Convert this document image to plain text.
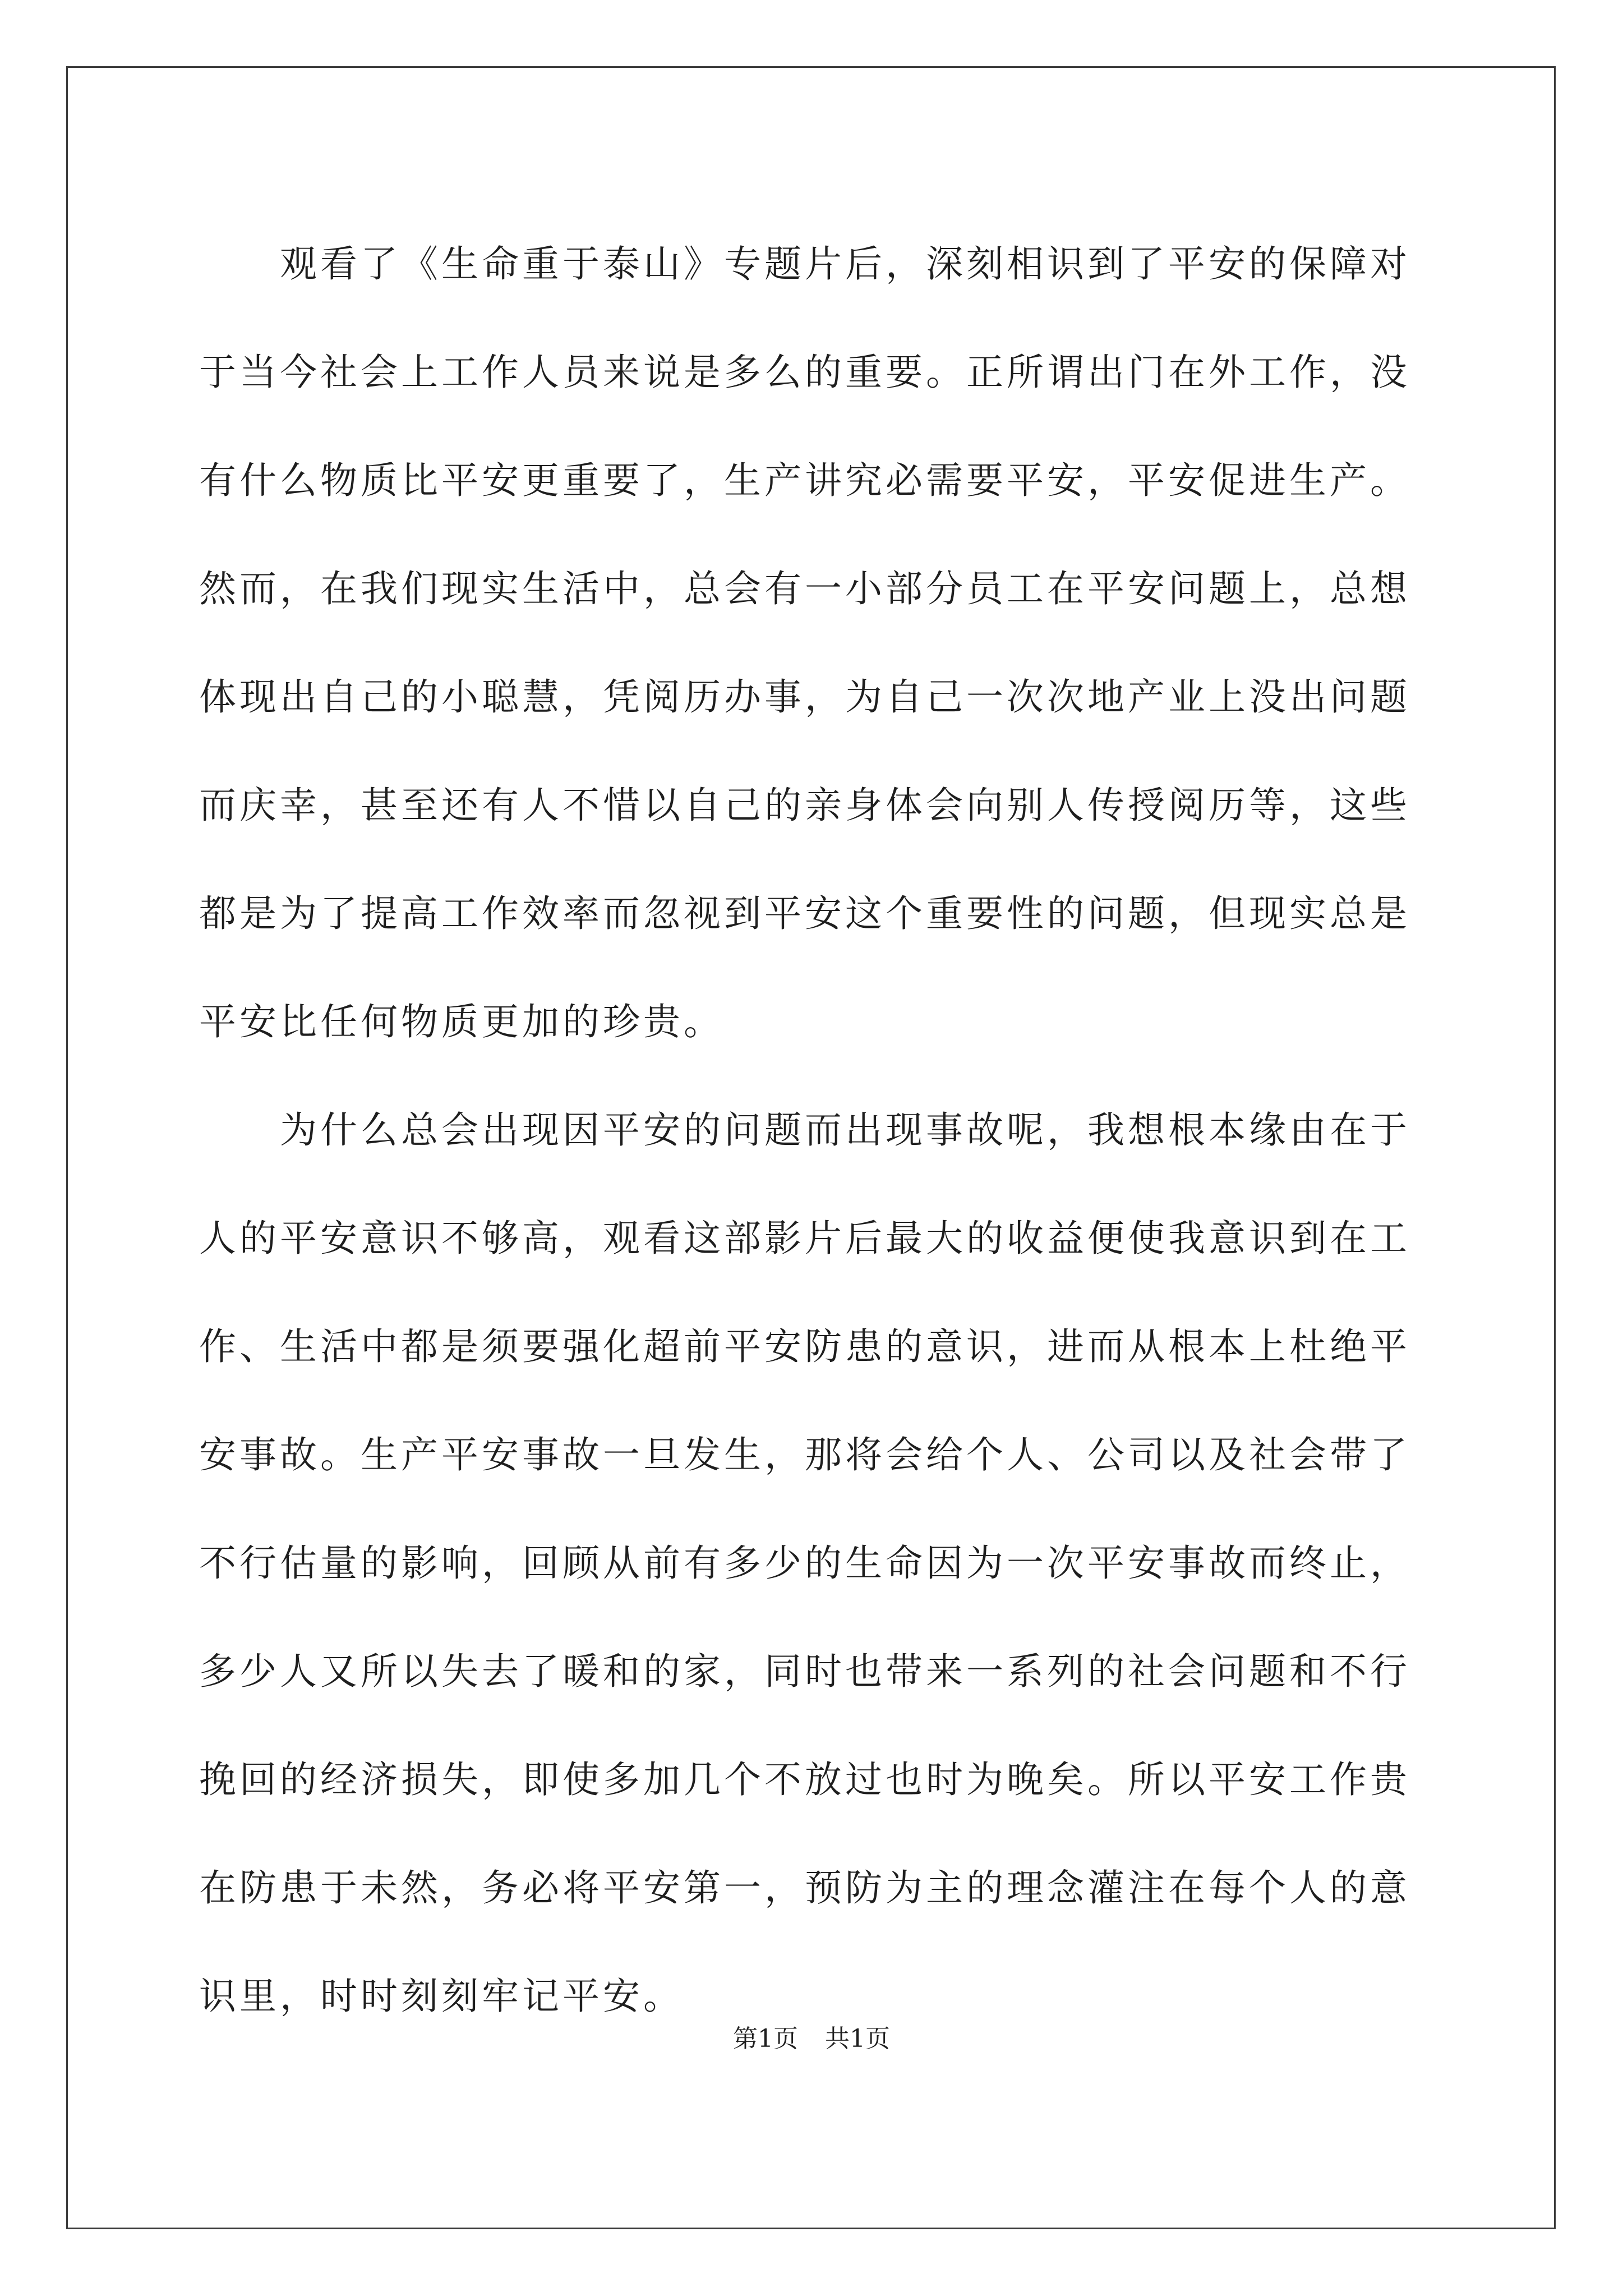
　　观看了《生命重于泰山》专题片后，深刻相识到了平安的保障对
于当今社会上工作人员来说是多么的重要。正所谓出门在外工作，没
有什么物质比平安更重要了，生产讲究必需要平安，平安促进生产。
然而，在我们现实生活中，总会有一小部分员工在平安问题上，总想
体现出自己的小聪慧，凭阅历办事，为自己一次次地产业上没出问题
而庆幸，甚至还有人不惜以自己的亲身体会向别人传授阅历等，这些
都是为了提高工作效率而忽视到平安这个重要性的问题，但现实总是
平安比任何物质更加的珍贵。
　　为什么总会出现因平安的问题而出现事故呢，我想根本缘由在于
人的平安意识不够高，观看这部影片后最大的收益便使我意识到在工
作、生活中都是须要强化超前平安防患的意识，进而从根本上杜绝平
安事故。生产平安事故一旦发生，那将会给个人、公司以及社会带了
不行估量的影响，回顾从前有多少的生命因为一次平安事故而终止，
多少人又所以失去了暖和的家，同时也带来一系列的社会问题和不行
挽回的经济损失，即使多加几个不放过也时为晚矣。所以平安工作贵
在防患于未然，务必将平安第一，预防为主的理念灌注在每个人的意
识里，时时刻刻牢记平安。
第1页 共1页
